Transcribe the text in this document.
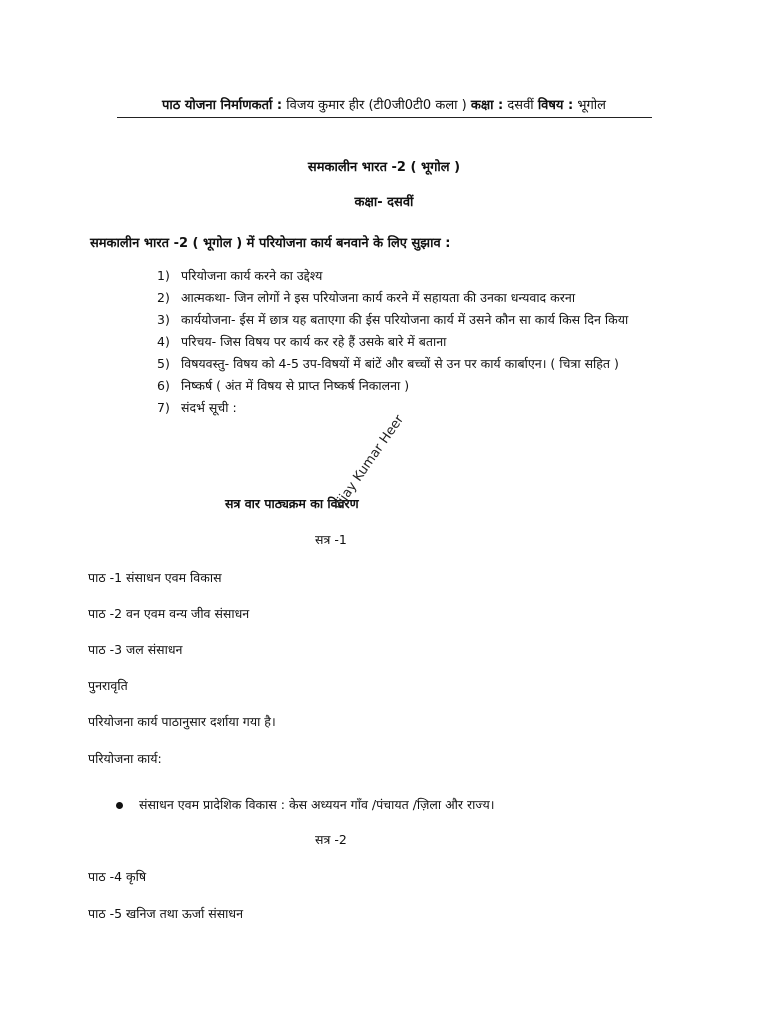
पाठ योजना निर्माणकर्ता : विजय कुमार हीर (टी0जी0टी0 कला ) कक्षा : दसवीं विषय : भूगोल
समकालीन भारत -2 ( भूगोल )
कक्षा- दसवीं
समकालीन भारत -2 ( भूगोल ) में परियोजना कार्य बनवाने के लिए सुझाव :
1) परियोजना कार्य करने का उद्देश्य
2) आत्मकथा- जिन लोगों ने इस परियोजना कार्य करने में सहायता की उनका धन्यवाद करना
3) कार्ययोजना- ईस में छात्र यह बताएगा की ईस परियोजना कार्य में उसने कौन सा कार्य किस दिन किया
4) परिचय- जिस विषय पर कार्य कर रहे हैं उसके बारे में बताना
5) विषयवस्तु- विषय को 4-5 उप-विषयों में बांटें और बच्चों से उन पर कार्य कार्बाएन। ( चित्रा सहित )
6) निष्कर्ष ( अंत में विषय से प्राप्त निष्कर्ष निकालना )
7) संदर्भ सूची :
सत्र वार पाठ्यक्रम का विवरण
Vijay Kumar Heer
सत्र -1
पाठ -1 संसाधन एवम विकास
पाठ -2 वन एवम वन्य जीव संसाधन
पाठ -3 जल संसाधन
पुनरावृति
परियोजना कार्य पाठानुसार दर्शाया गया है।
परियोजना कार्य:
संसाधन एवम प्रादेशिक विकास : केस अध्ययन गाँव /पंचायत /ज़िला और राज्य।
सत्र -2
पाठ -4 कृषि
पाठ -5 खनिज तथा ऊर्जा संसाधन
